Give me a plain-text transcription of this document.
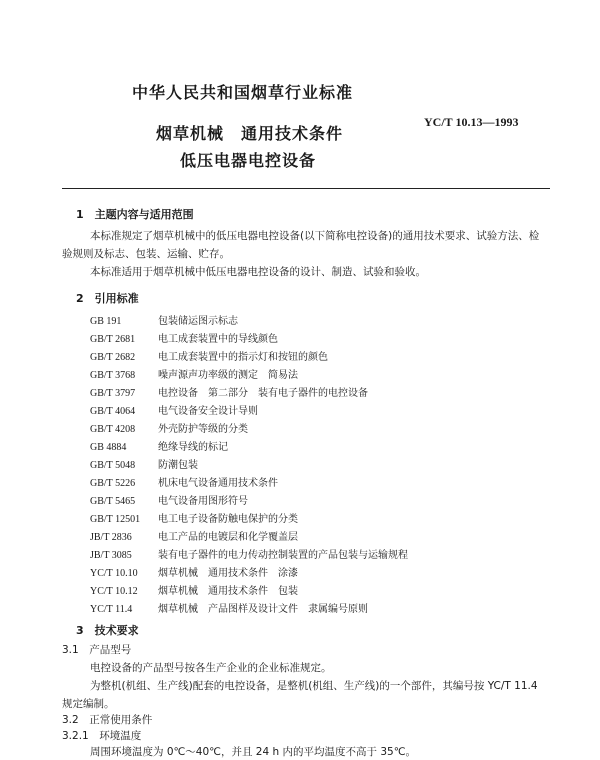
中华人民共和国烟草行业标准
YC/T 10.13—1993
烟草机械　通用技术条件
低压电器电控设备
1　主题内容与适用范围
本标准规定了烟草机械中的低压电器电控设备(以下简称电控设备)的通用技术要求、试验方法、检
验规则及标志、包装、运输、贮存。
本标准适用于烟草机械中低压电器电控设备的设计、制造、试验和验收。
2　引用标准
GB 191　	包装储运图示标志
GB/T 2681　 电工成套装置中的导线颜色
GB/T 2682　 电工成套装置中的指示灯和按钮的颜色
GB/T 3768　 噪声源声功率级的测定　简易法
GB/T 3797　 电控设备　第二部分　装有电子器件的电控设备
GB/T 4064　 电气设备安全设计导则
GB/T 4208　 外壳防护等级的分类
GB 4884　	绝缘导线的标记
GB/T 5048　 防潮包装
GB/T 5226　 机床电气设备通用技术条件
GB/T 5465　 电气设备用图形符号
GB/T 12501　 电工电子设备防触电保护的分类
JB/T 2836　	电工产品的电镀层和化学覆盖层
JB/T 3085　	装有电子器件的电力传动控制装置的产品包装与运输规程
YC/T 10.10　 烟草机械　通用技术条件　涂漆
YC/T 10.12　 烟草机械　通用技术条件　包装
YC/T 11.4　	烟草机械　产品图样及设计文件　隶属编号原则
3　技术要求
3.1　产品型号
电控设备的产品型号按各生产企业的企业标准规定。
为整机(机组、生产线)配套的电控设备，是整机(机组、生产线)的一个部件，其编号按 YC/T 11.4
规定编制。
3.2　正常使用条件
3.2.1　环境温度
周围环境温度为 0℃～40℃，并且 24 h 内的平均温度不高于 35℃。
